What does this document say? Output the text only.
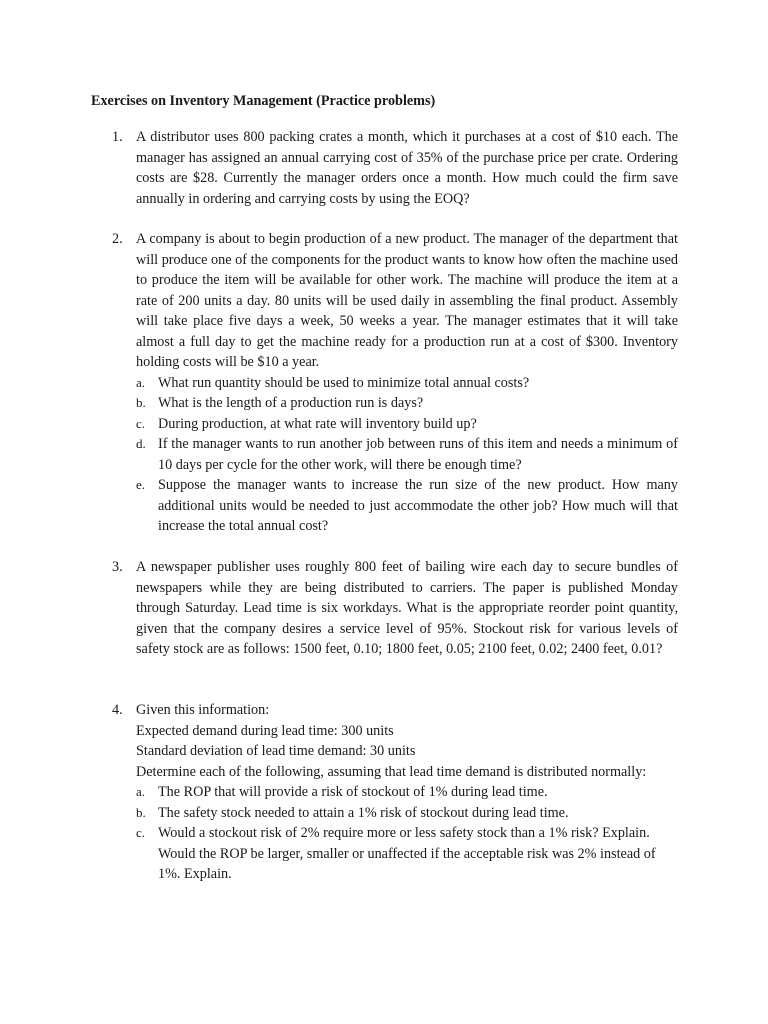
Exercises on Inventory Management (Practice problems)
1. A distributor uses 800 packing crates a month, which it purchases at a cost of $10 each. The manager has assigned an annual carrying cost of 35% of the purchase price per crate. Ordering costs are $28. Currently the manager orders once a month. How much could the firm save annually in ordering and carrying costs by using the EOQ?

2. A company is about to begin production of a new product. The manager of the department that will produce one of the components for the product wants to know how often the machine used to produce the item will be available for other work. The machine will produce the item at a rate of 200 units a day. 80 units will be used daily in assembling the final product. Assembly will take place five days a week, 50 weeks a year. The manager estimates that it will take almost a full day to get the machine ready for a production run at a cost of $300. Inventory holding costs will be $10 a year.

a. What run quantity should be used to minimize total annual costs?
b. What is the length of a production run is days?
c. During production, at what rate will inventory build up?
d. If the manager wants to run another job between runs of this item and needs a minimum of 10 days per cycle for the other work, will there be enough time?
e. Suppose the manager wants to increase the run size of the new product. How many additional units would be needed to just accommodate the other job? How much will that increase the total annual cost?
3. A newspaper publisher uses roughly 800 feet of bailing wire each day to secure bundles of newspapers while they are being distributed to carriers. The paper is published Monday through Saturday. Lead time is six workdays. What is the appropriate reorder point quantity, given that the company desires a service level of 95%. Stockout risk for various levels of safety stock are as follows: 1500 feet, 0.10; 1800 feet, 0.05; 2100 feet, 0.02; 2400 feet, 0.01?

4. Given this information:
Expected demand during lead time: 300 units
Standard deviation of lead time demand: 30 units
Determine each of the following, assuming that lead time demand is distributed normally:
a. The ROP that will provide a risk of stockout of 1% during lead time.
b. The safety stock needed to attain a 1% risk of stockout during lead time.
c. Would a stockout risk of 2% require more or less safety stock than a 1% risk? Explain. Would the ROP be larger, smaller or unaffected if the acceptable risk was 2% instead of 1%. Explain.
